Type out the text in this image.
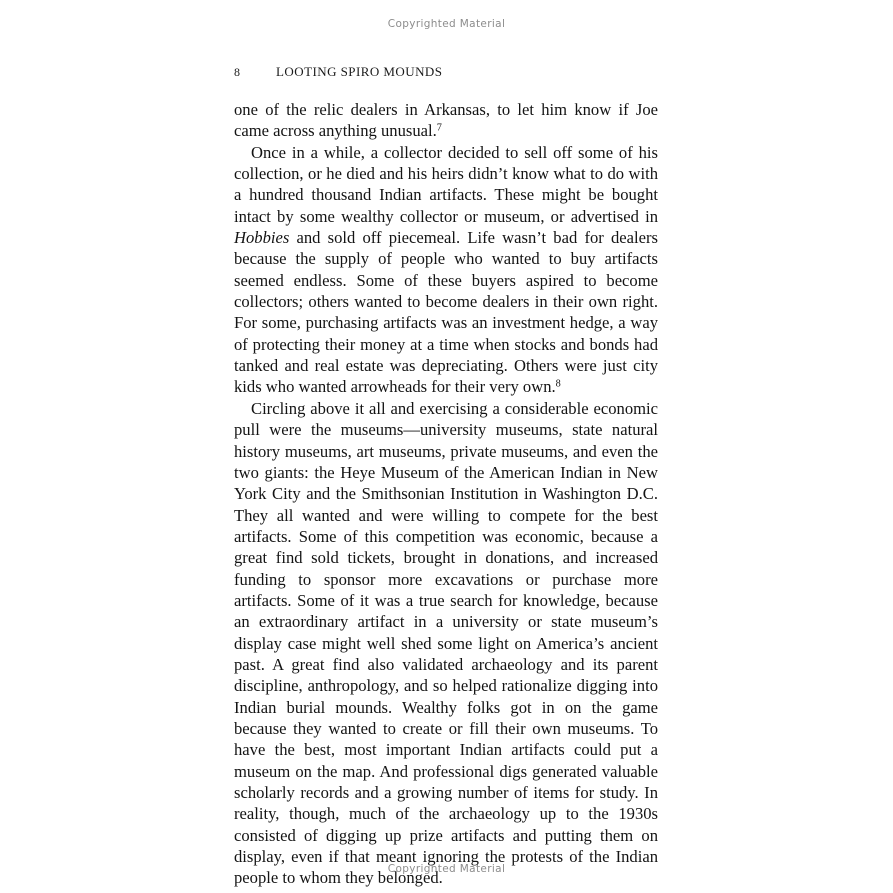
Copyrighted Material
8	LOOTING SPIRO MOUNDS

one of the relic dealers in Arkansas, to let him know if Joe came across anything unusual.$^7$

Once in a while, a collector decided to sell off some of his collection, or he died and his heirs didn’t know what to do with a hundred thousand Indian artifacts. These might be bought intact by some wealthy collector or museum, or advertised in Hobbies and sold off piecemeal. Life wasn’t bad for dealers because the supply of people who wanted to buy artifacts seemed endless. Some of these buyers aspired to become collectors; others wanted to become dealers in their own right. For some, purchasing artifacts was an investment hedge, a way of protecting their money at a time when stocks and bonds had tanked and real estate was depreciating. Others were just city kids who wanted arrowheads for their very own.$^8$

Circling above it all and exercising a considerable economic pull were the museums—university museums, state natural history museums, art museums, private museums, and even the two giants: the Heye Museum of the American Indian in New York City and the Smithsonian Institution in Washington D.C. They all wanted and were willing to compete for the best artifacts. Some of this competition was economic, because a great find sold tickets, brought in donations, and increased funding to sponsor more excavations or purchase more artifacts. Some of it was a true search for knowledge, because an extraordinary artifact in a university or state museum’s display case might well shed some light on America’s ancient past. A great find also validated archaeology and its parent discipline, anthropology, and so helped rationalize digging into Indian burial mounds. Wealthy folks got in on the game because they wanted to create or fill their own museums. To have the best, most important Indian artifacts could put a museum on the map. And professional digs generated valuable scholarly records and a growing number of items for study. In reality, though, much of the archaeology up to the 1930s consisted of digging up prize artifacts and putting them on display, even if that meant ignoring the protests of the Indian people to whom they belonged.

Copyrighted Material
